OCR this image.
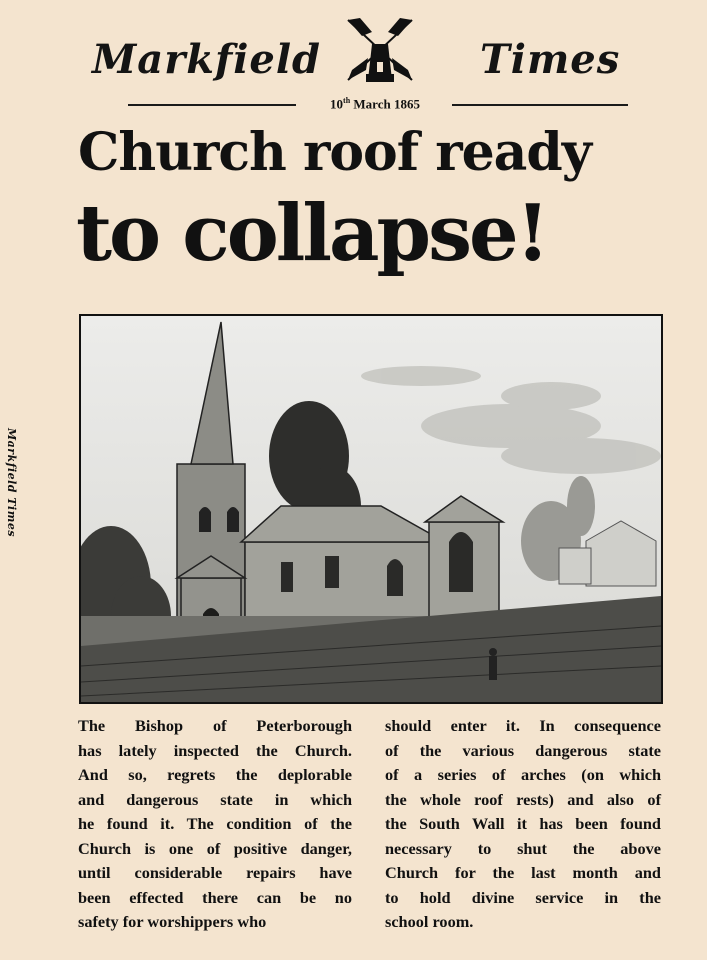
Markfield	Times
10th March 1865
Church roof ready
to collapse!
Markfield Times
The Bishop of Peterborough
has lately inspected the Church.
And so, regrets the deplorable
and dangerous state in which
he found it. The condition of the
Church is one of positive danger,
until considerable repairs have
been effected there can be no
safety for worshippers who
should enter it. In consequence
of the various dangerous state
of a series of arches (on which
the whole roof rests) and also of
the South Wall it has been found
necessary to shut the above
Church for the last month and
to hold divine service in the
school room.
